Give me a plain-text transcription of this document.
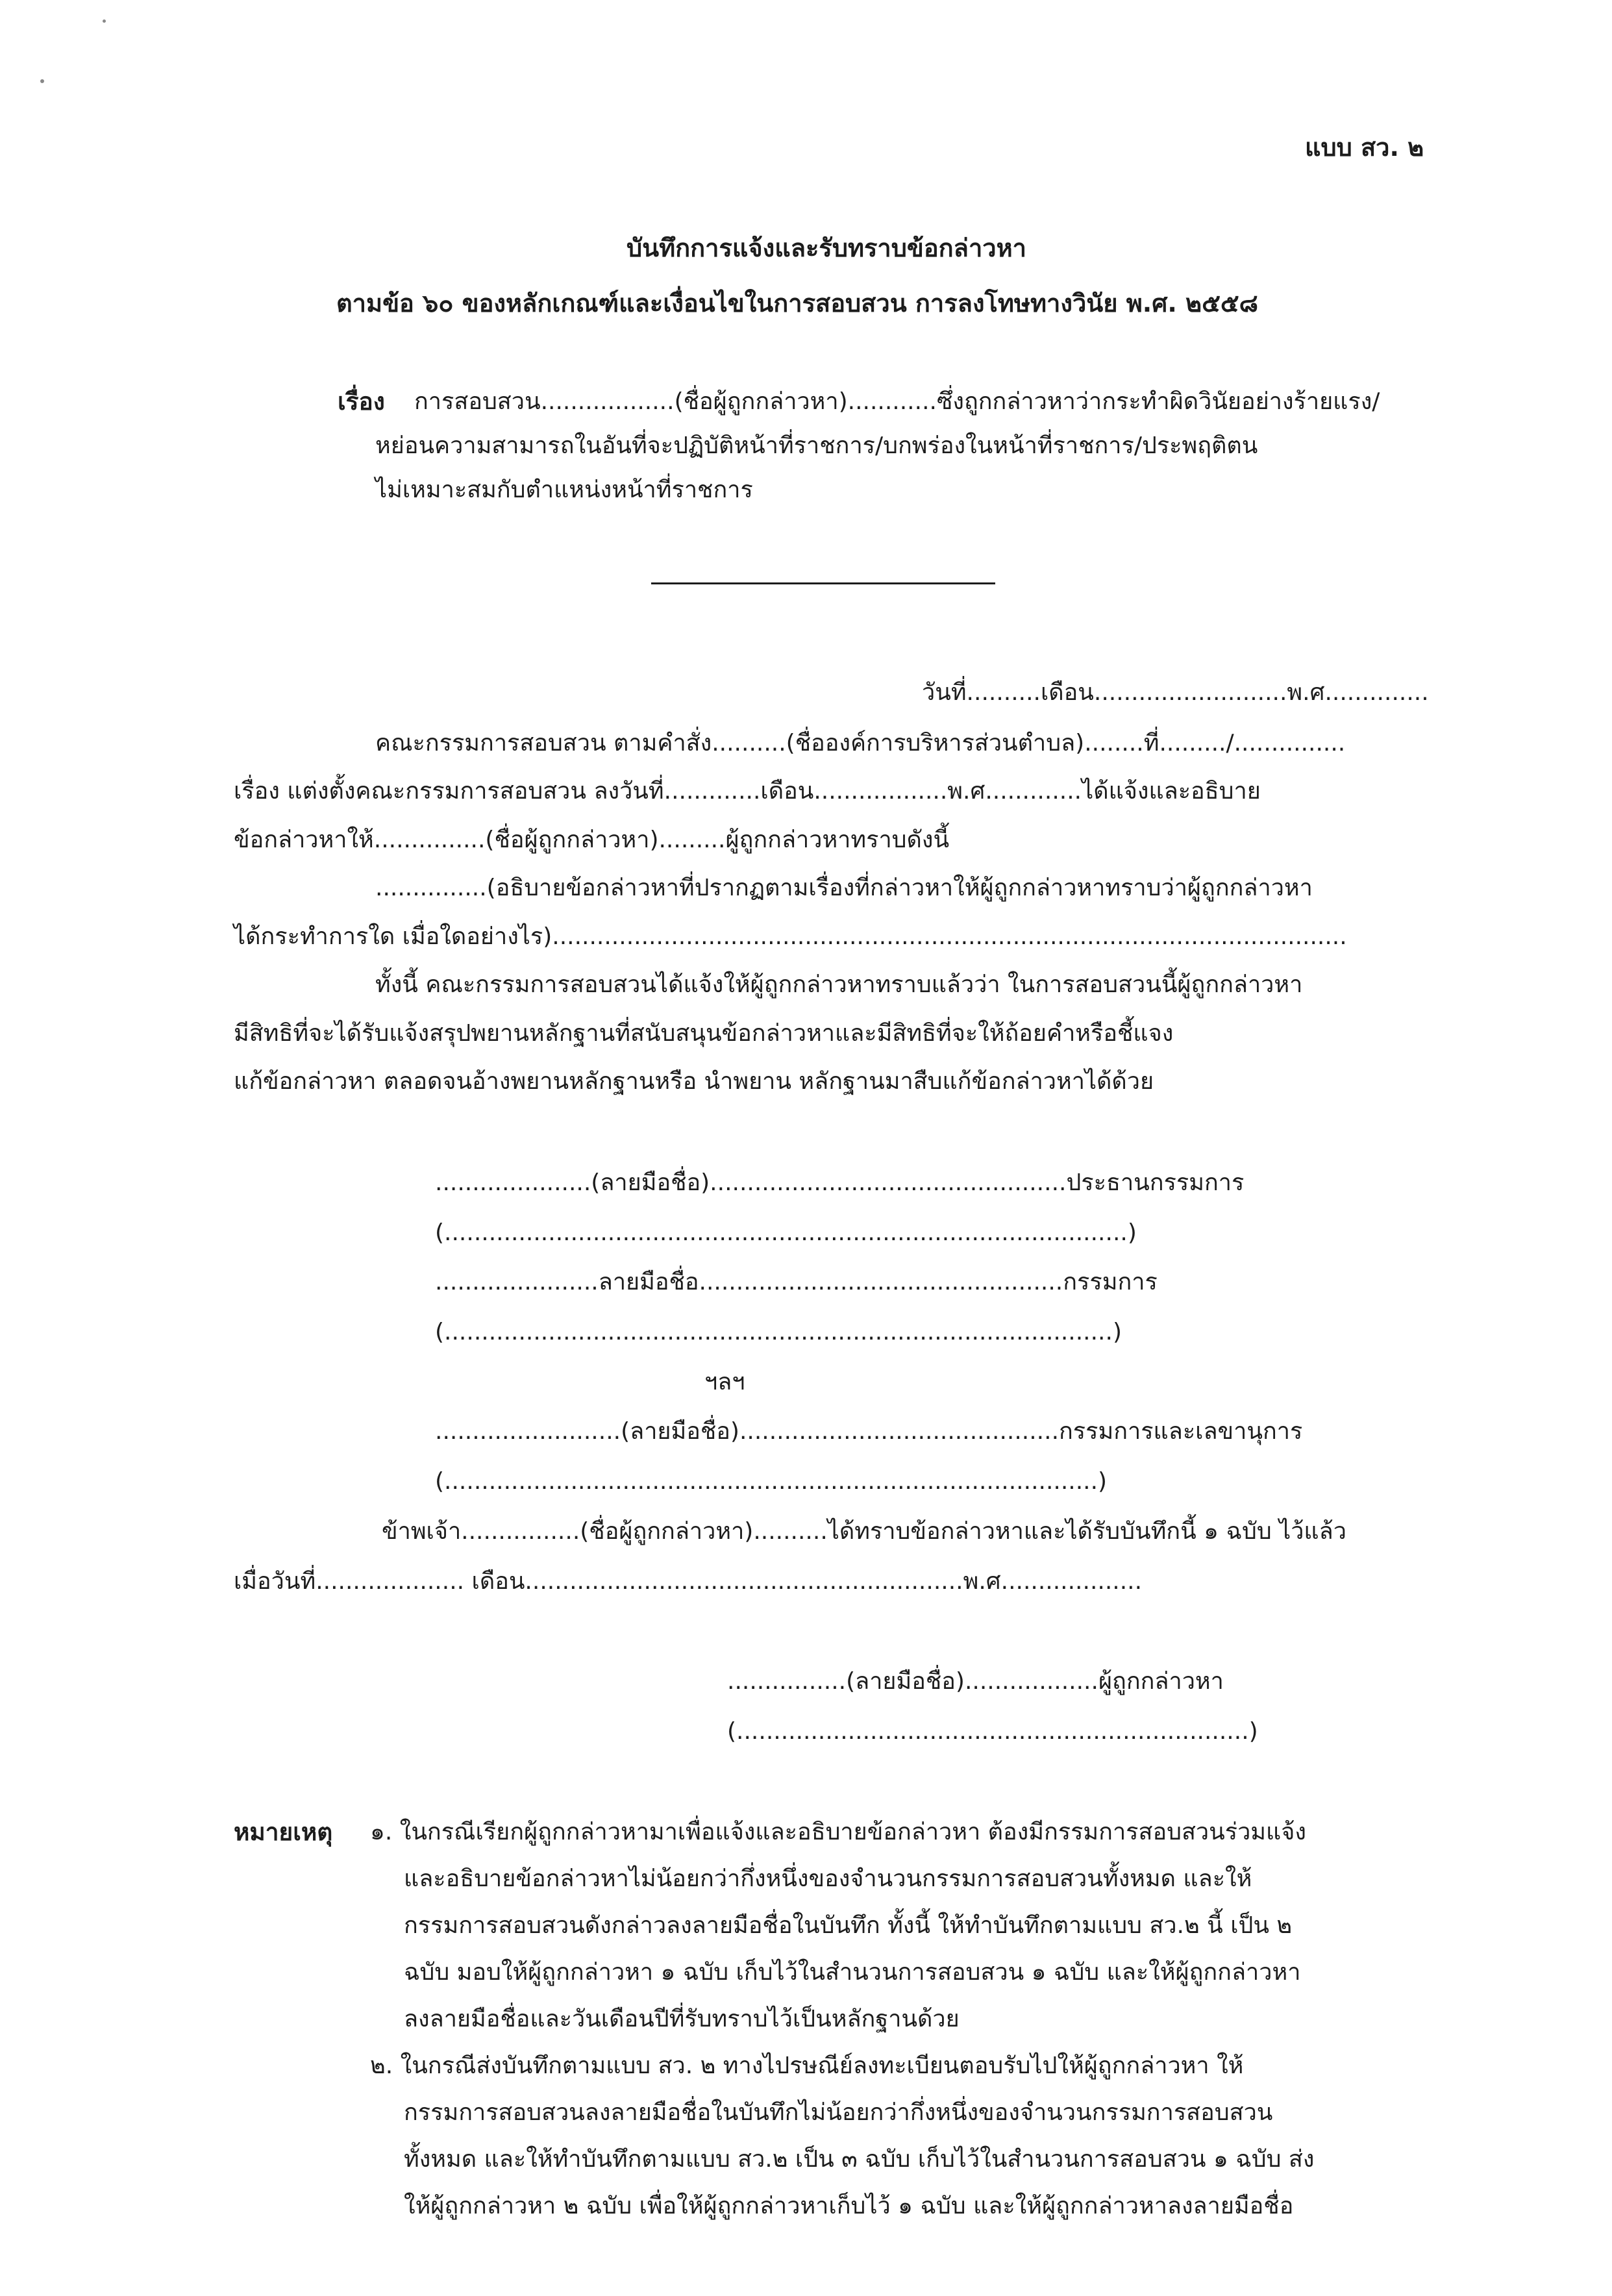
แบบ สว. ๒
บันทึกการแจ้งและรับทราบข้อกล่าวหา
ตามข้อ ๖๐ ของหลักเกณฑ์และเงื่อนไขในการสอบสวน การลงโทษทางวินัย พ.ศ. ๒๕๕๘
เรื่อง การสอบสวน..................(ชื่อผู้ถูกกล่าวหา)............ซึ่งถูกกล่าวหาว่ากระทำผิดวินัยอย่างร้ายแรง/
หย่อนความสามารถในอันที่จะปฏิบัติหน้าที่ราชการ/บกพร่องในหน้าที่ราชการ/ประพฤติตน
ไม่เหมาะสมกับตำแหน่งหน้าที่ราชการ
วันที่..........เดือน..........................พ.ศ..............
คณะกรรมการสอบสวน ตามคำสั่ง..........(ชื่อองค์การบริหารส่วนตำบล)........ที่........./...............
เรื่อง แต่งตั้งคณะกรรมการสอบสวน ลงวันที่.............เดือน..................พ.ศ.............ได้แจ้งและอธิบาย
ข้อกล่าวหาให้...............(ชื่อผู้ถูกกล่าวหา).........ผู้ถูกกล่าวหาทราบดังนี้
...............(อธิบายข้อกล่าวหาที่ปรากฏตามเรื่องที่กล่าวหาให้ผู้ถูกกล่าวหาทราบว่าผู้ถูกกล่าวหา
ได้กระทำการใด เมื่อใดอย่างไร)...........................................................................................................
ทั้งนี้ คณะกรรมการสอบสวนได้แจ้งให้ผู้ถูกกล่าวหาทราบแล้วว่า ในการสอบสวนนี้ผู้ถูกกล่าวหา
มีสิทธิที่จะได้รับแจ้งสรุปพยานหลักฐานที่สนับสนุนข้อกล่าวหาและมีสิทธิที่จะให้ถ้อยคำหรือชี้แจง
แก้ข้อกล่าวหา ตลอดจนอ้างพยานหลักฐานหรือ นำพยาน หลักฐานมาสืบแก้ข้อกล่าวหาได้ด้วย
.....................(ลายมือชื่อ)................................................ประธานกรรมการ
(............................................................................................)
......................ลายมือชื่อ.................................................กรรมการ
(..........................................................................................)
ฯลฯ
.........................(ลายมือชื่อ)...........................................กรรมการและเลขานุการ
(........................................................................................)
ข้าพเจ้า................(ชื่อผู้ถูกกล่าวหา)..........ได้ทราบข้อกล่าวหาและได้รับบันทึกนี้ ๑ ฉบับ ไว้แล้ว
เมื่อวันที่.................... เดือน...........................................................พ.ศ...................
................(ลายมือชื่อ)..................ผู้ถูกกล่าวหา
(.....................................................................)
หมายเหตุ ๑. ในกรณีเรียกผู้ถูกกล่าวหามาเพื่อแจ้งและอธิบายข้อกล่าวหา ต้องมีกรรมการสอบสวนร่วมแจ้ง
และอธิบายข้อกล่าวหาไม่น้อยกว่ากึ่งหนึ่งของจำนวนกรรมการสอบสวนทั้งหมด และให้
กรรมการสอบสวนดังกล่าวลงลายมือชื่อในบันทึก ทั้งนี้ ให้ทำบันทึกตามแบบ สว.๒ นี้ เป็น ๒
ฉบับ มอบให้ผู้ถูกกล่าวหา ๑ ฉบับ เก็บไว้ในสำนวนการสอบสวน ๑ ฉบับ และให้ผู้ถูกกล่าวหา
ลงลายมือชื่อและวันเดือนปีที่รับทราบไว้เป็นหลักฐานด้วย
๒. ในกรณีส่งบันทึกตามแบบ สว. ๒ ทางไปรษณีย์ลงทะเบียนตอบรับไปให้ผู้ถูกกล่าวหา ให้
กรรมการสอบสวนลงลายมือชื่อในบันทึกไม่น้อยกว่ากึ่งหนึ่งของจำนวนกรรมการสอบสวน
ทั้งหมด และให้ทำบันทึกตามแบบ สว.๒ เป็น ๓ ฉบับ เก็บไว้ในสำนวนการสอบสวน ๑ ฉบับ ส่ง
ให้ผู้ถูกกล่าวหา ๒ ฉบับ เพื่อให้ผู้ถูกกล่าวหาเก็บไว้ ๑ ฉบับ และให้ผู้ถูกกล่าวหาลงลายมือชื่อ
